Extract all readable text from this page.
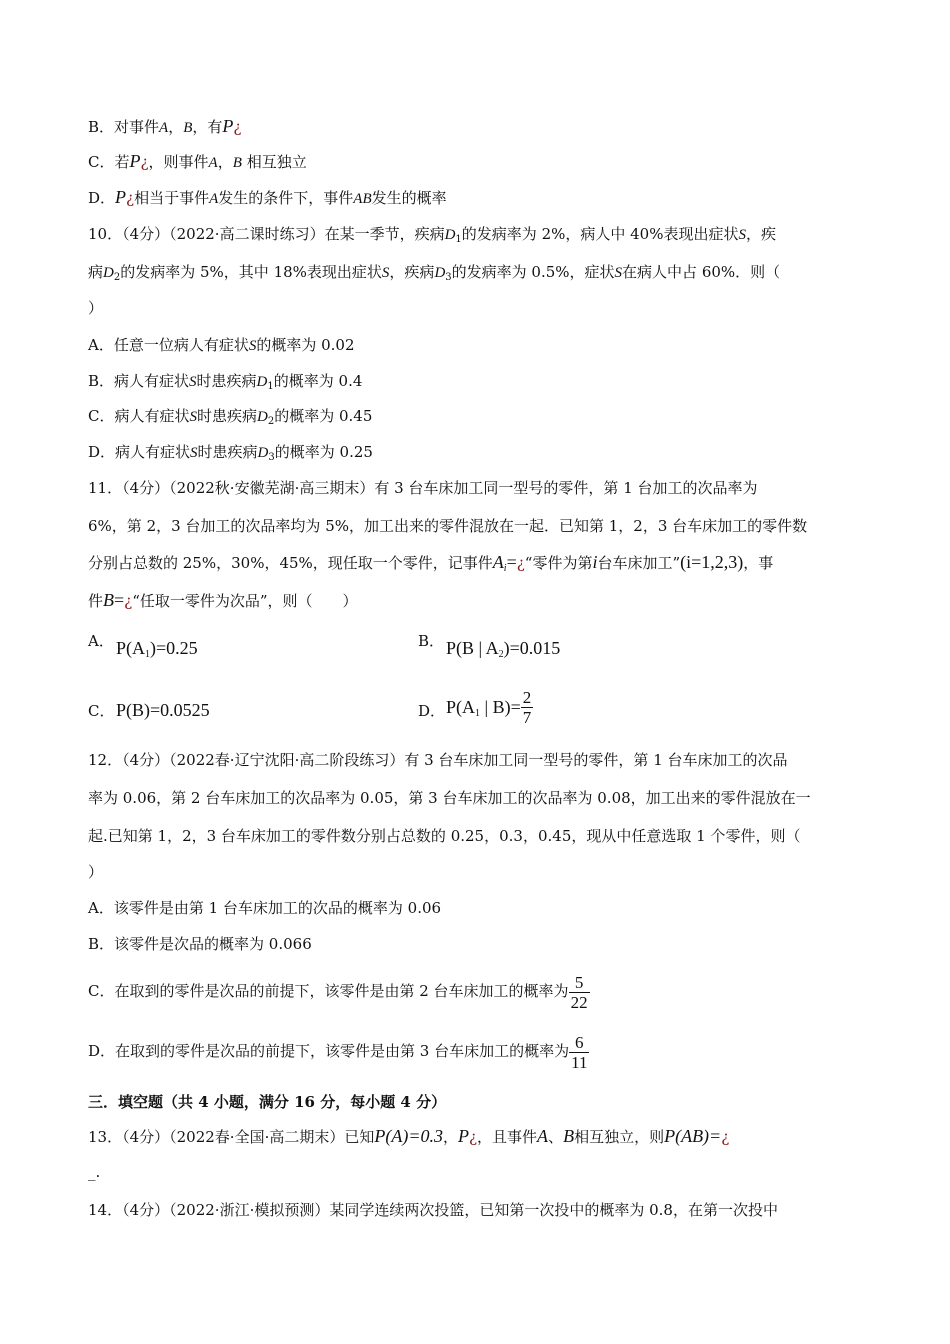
B．对事件A，B，有P¿
C．若P¿，则事件A，B 相互独立
D．P¿相当于事件A发生的条件下，事件AB发生的概率
10．（4分）（2022·高二课时练习）在某一季节，疾病$D_1$的发病率为 2%，病人中 40%表现出症状S，疾
病$D_2$的发病率为 5%，其中 18%表现出症状S，疾病$D_3$的发病率为 0.5%，症状S在病人中占 60%．则（
）
A．任意一位病人有症状S的概率为 0.02
B．病人有症状S时患疾病$D_1$的概率为 0.4
C．病人有症状S时患疾病$D_2$的概率为 0.45
D．病人有症状S时患疾病$D_3$的概率为 0.25
11．（4分）（2022秋·安徽芜湖·高三期末）有 3 台车床加工同一型号的零件，第 1 台加工的次品率为
6%，第 2，3 台加工的次品率均为 5%，加工出来的零件混放在一起．已知第 1，2，3 台车床加工的零件数
分别占总数的 25%，30%，45%，现任取一个零件，记事件$A_i=¿“$零件为第i台车床加工”(i=1,2,3)，事
件B=¿“任取一零件为次品”，则（　　）
A． $P(A_1)=0.25$	B． P(B | $A_2)=0.015$
C． P(B)=0.0525	D． $P(A_1$ | $B)= \frac{2}{7}$
12．（4分）（2022春·辽宁沈阳·高二阶段练习）有 3 台车床加工同一型号的零件，第 1 台车床加工的次品
率为 0.06，第 2 台车床加工的次品率为 0.05，第 3 台车床加工的次品率为 0.08，加工出来的零件混放在一
起.已知第 1，2，3 台车床加工的零件数分别占总数的 0.25，0.3，0.45，现从中任意选取 1 个零件，则（
）
A．该零件是由第 1 台车床加工的次品的概率为 0.06
B．该零件是次品的概率为 0.066
C．在取到的零件是次品的前提下，该零件是由第 2 台车床加工的概率为 $\frac{5}{22}$
D．在取到的零件是次品的前提下，该零件是由第 3 台车床加工的概率为 $\frac{6}{11}$
三．填空题（共 4 小题，满分 16 分，每小题 4 分）
13．（4分）（2022春·全国·高二期末）已知P(A)=0.3，P¿，且事件A、B相互独立，则P(AB)=¿
_.
14．（4分）（2022·浙江·模拟预测）某同学连续两次投篮，已知第一次投中的概率为 0.8，在第一次投中
